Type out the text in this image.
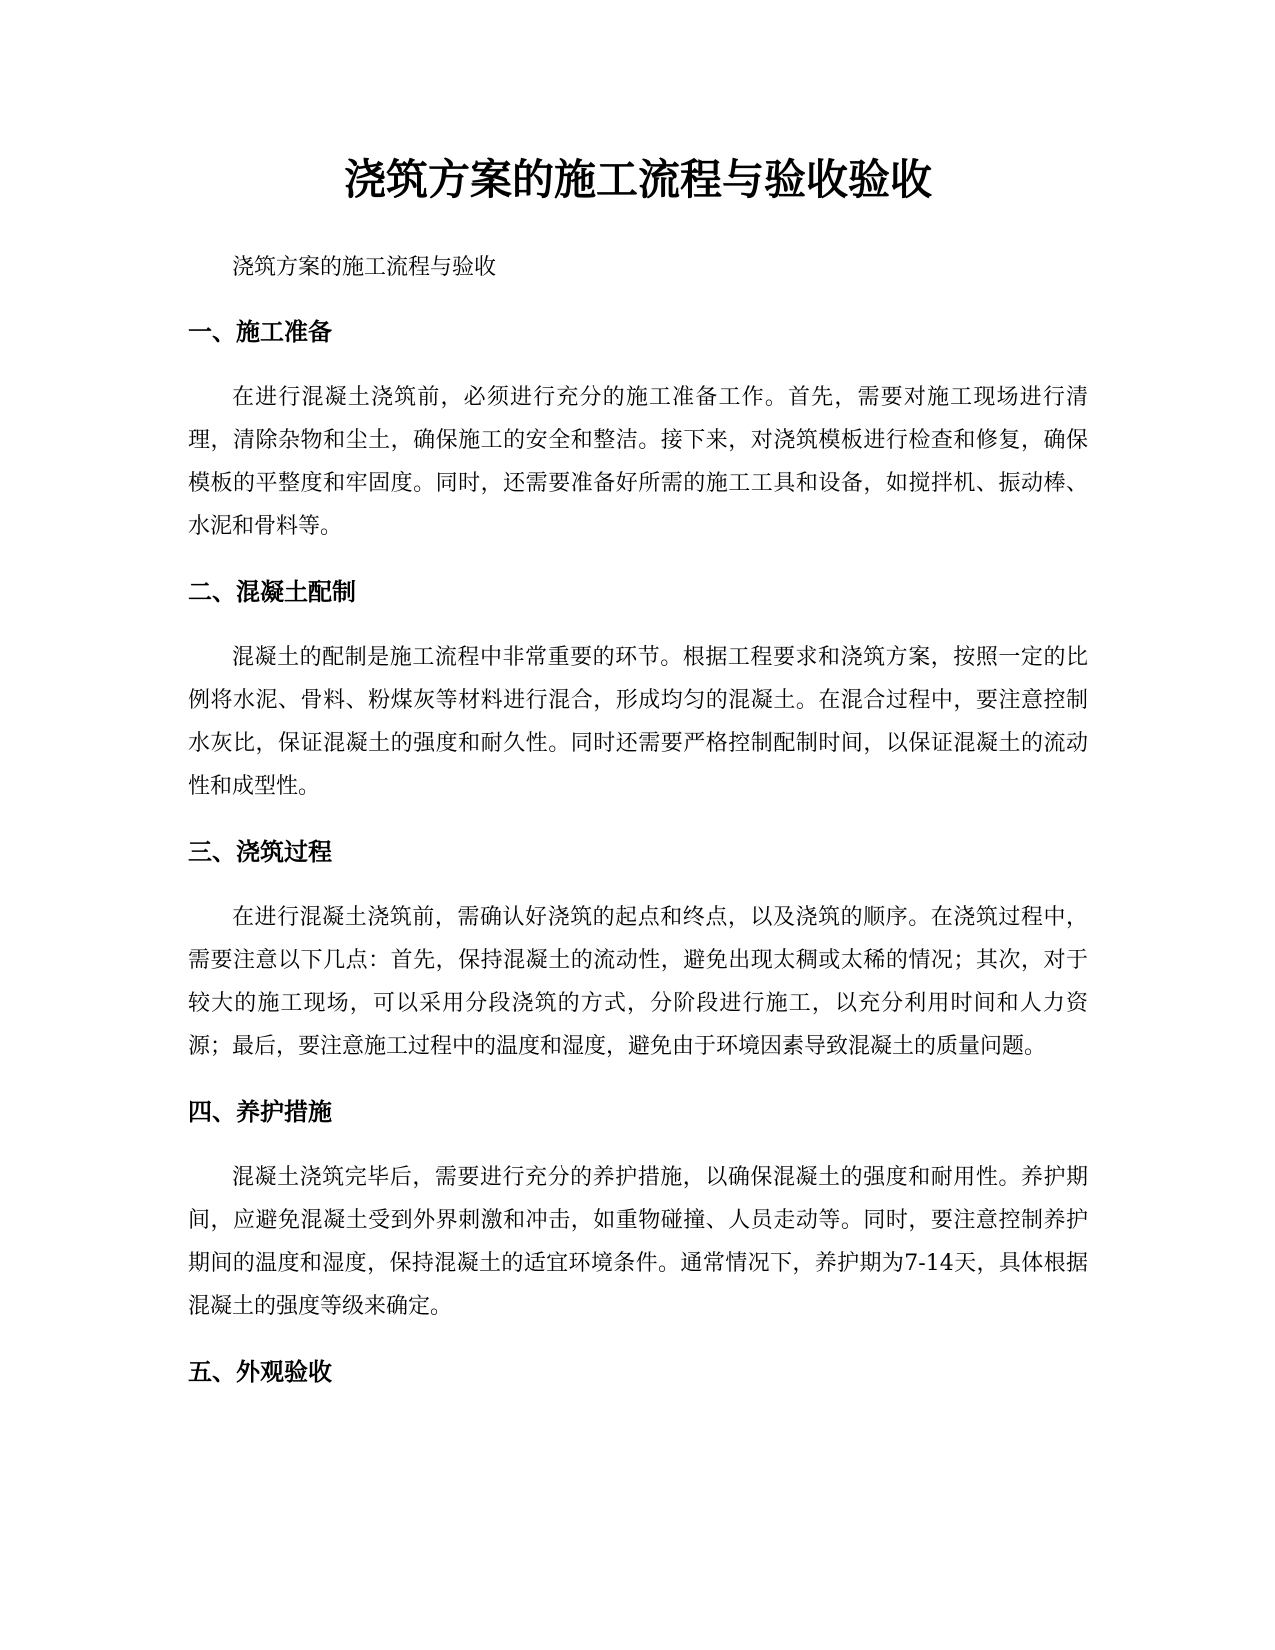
浇筑方案的施工流程与验收验收

浇筑方案的施工流程与验收

一、施工准备

在进行混凝土浇筑前，必须进行充分的施工准备工作。首先，需要对施工现场进行清理，清除杂物和尘土，确保施工的安全和整洁。接下来，对浇筑模板进行检查和修复，确保模板的平整度和牢固度。同时，还需要准备好所需的施工工具和设备，如搅拌机、振动棒、水泥和骨料等。

二、混凝土配制

混凝土的配制是施工流程中非常重要的环节。根据工程要求和浇筑方案，按照一定的比例将水泥、骨料、粉煤灰等材料进行混合，形成均匀的混凝土。在混合过程中，要注意控制水灰比，保证混凝土的强度和耐久性。同时还需要严格控制配制时间，以保证混凝土的流动性和成型性。

三、浇筑过程

在进行混凝土浇筑前，需确认好浇筑的起点和终点，以及浇筑的顺序。在浇筑过程中，需要注意以下几点：首先，保持混凝土的流动性，避免出现太稠或太稀的情况；其次，对于较大的施工现场，可以采用分段浇筑的方式，分阶段进行施工，以充分利用时间和人力资源；最后，要注意施工过程中的温度和湿度，避免由于环境因素导致混凝土的质量问题。

四、养护措施

混凝土浇筑完毕后，需要进行充分的养护措施，以确保混凝土的强度和耐用性。养护期间，应避免混凝土受到外界刺激和冲击，如重物碰撞、人员走动等。同时，要注意控制养护期间的温度和湿度，保持混凝土的适宜环境条件。通常情况下，养护期为7-14天，具体根据混凝土的强度等级来确定。

五、外观验收
